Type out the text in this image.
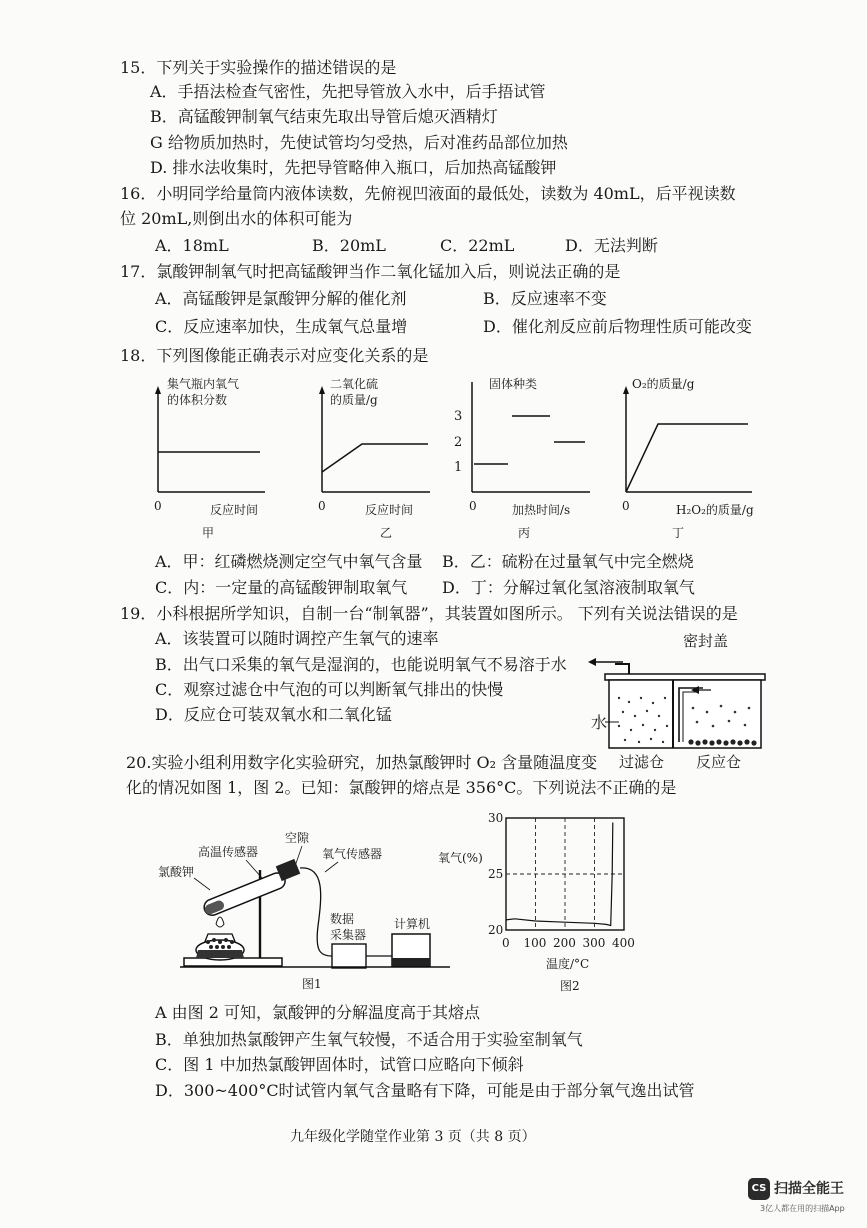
15．下列关于实验操作的描述错误的是
A．手捂法检查气密性，先把导管放入水中，后手捂试管
B．高锰酸钾制氧气结束先取出导管后熄灭酒精灯
G 给物质加热时，先使试管均匀受热，后对准药品部位加热
D. 排水法收集时，先把导管略伸入瓶口，后加热高锰酸钾
16．小明同学给量筒内液体读数，先俯视凹液面的最低处，读数为 40mL，后平视读数
位 20mL,则倒出水的体积可能为
A．18mL	B．20mL	C．22mL	D．无法判断
17．氯酸钾制氧气时把高锰酸钾当作二氧化锰加入后，则说法正确的是
A．高锰酸钾是氯酸钾分解的催化剂	B．反应速率不变
C．反应速率加快，生成氧气总量增	D．催化剂反应前后物理性质可能改变
18．下列图像能正确表示对应变化关系的是
集气瓶内氧气
的体积分数
0	反应时间
甲
二氧化硫
的质量/g
0	反应时间
乙
固体种类
3
2
1
0	加热时间/s
丙
O₂的质量/g
0	H₂O₂的质量/g
丁
A．甲：红磷燃烧测定空气中氧气含量 B．乙：硫粉在过量氧气中完全燃烧
C．内：一定量的高锰酸钾制取氧气 D．丁：分解过氧化氢溶液制取氧气
19．小科根据所学知识，自制一台“制氧器”，其装置如图所示。 下列有关说法错误的是
A．该装置可以随时调控产生氧气的速率
B．出气口采集的氧气是湿润的，也能说明氧气不易溶于水
C．观察过滤仓中气泡的可以判断氧气排出的快慢
D．反应仓可装双氧水和二氧化锰
密封盖
水
过滤仓 反应仓
20.实验小组利用数字化实验研究，加热氯酸钾时 O₂ 含量随温度变
化的情况如图 1，图 2。已知：氯酸钾的熔点是 356°C。下列说法不正确的是
空隙
高温传感器	氧气传感器
氯酸钾
数据
采集器
计算机
图1
氧气(%)
0 100 200 300 400
30
25
20
温度/°C
图2
A 由图 2 可知，氯酸钾的分解温度高于其熔点
B．单独加热氯酸钾产生氧气较慢，不适合用于实验室制氧气
C．图 1 中加热氯酸钾固体时，试管口应略向下倾斜
D．300~400°C时试管内氧气含量略有下降，可能是由于部分氧气逸出试管
九年级化学随堂作业第 3 页（共 8 页）
CS 扫描全能王
3亿人都在用的扫描App
